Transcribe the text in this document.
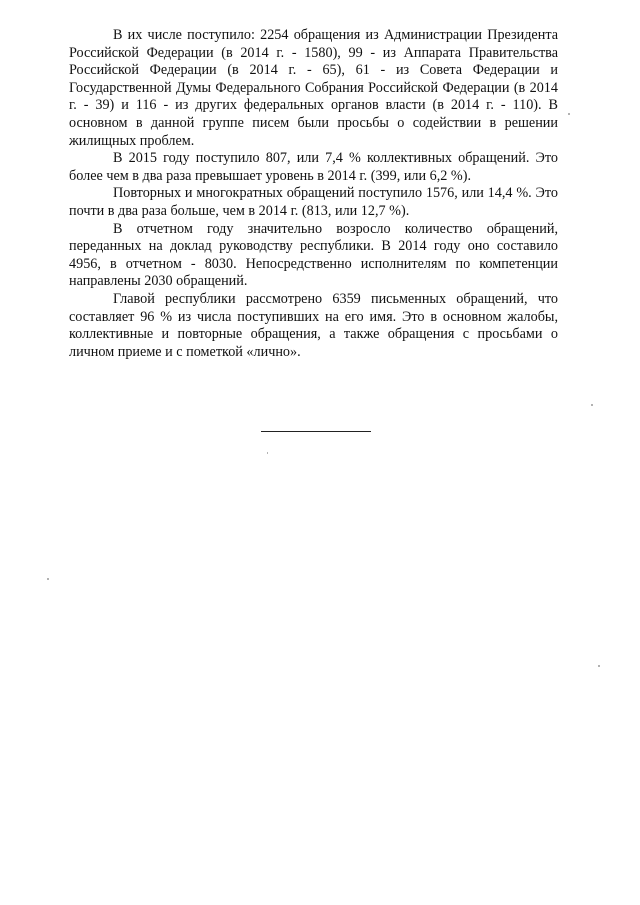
В их числе поступило: 2254 обращения из Администрации Президента Российской Федерации (в 2014 г. - 1580), 99 - из Аппарата Правительства Российской Федерации (в 2014 г. - 65), 61 - из Совета Федерации и Государственной Думы Федерального Собрания Российской Федерации (в 2014 г. - 39) и 116 - из других федеральных органов власти (в 2014 г. - 110). В основном в данной группе писем были просьбы о содействии в решении жилищных проблем.

В 2015 году поступило 807, или 7,4 % коллективных обращений. Это более чем в два раза превышает уровень в 2014 г. (399, или 6,2 %).

Повторных и многократных обращений поступило 1576, или 14,4 %. Это почти в два раза больше, чем в 2014 г. (813, или 12,7 %).

В отчетном году значительно возросло количество обращений, переданных на доклад руководству республики. В 2014 году оно составило 4956, в отчетном - 8030. Непосредственно исполнителям по компетенции направлены 2030 обращений.

Главой республики рассмотрено 6359 письменных обращений, что составляет 96 % из числа поступивших на его имя. Это в основном жалобы, коллективные и повторные обращения, а также обращения с просьбами о личном приеме и с пометкой «лично».
